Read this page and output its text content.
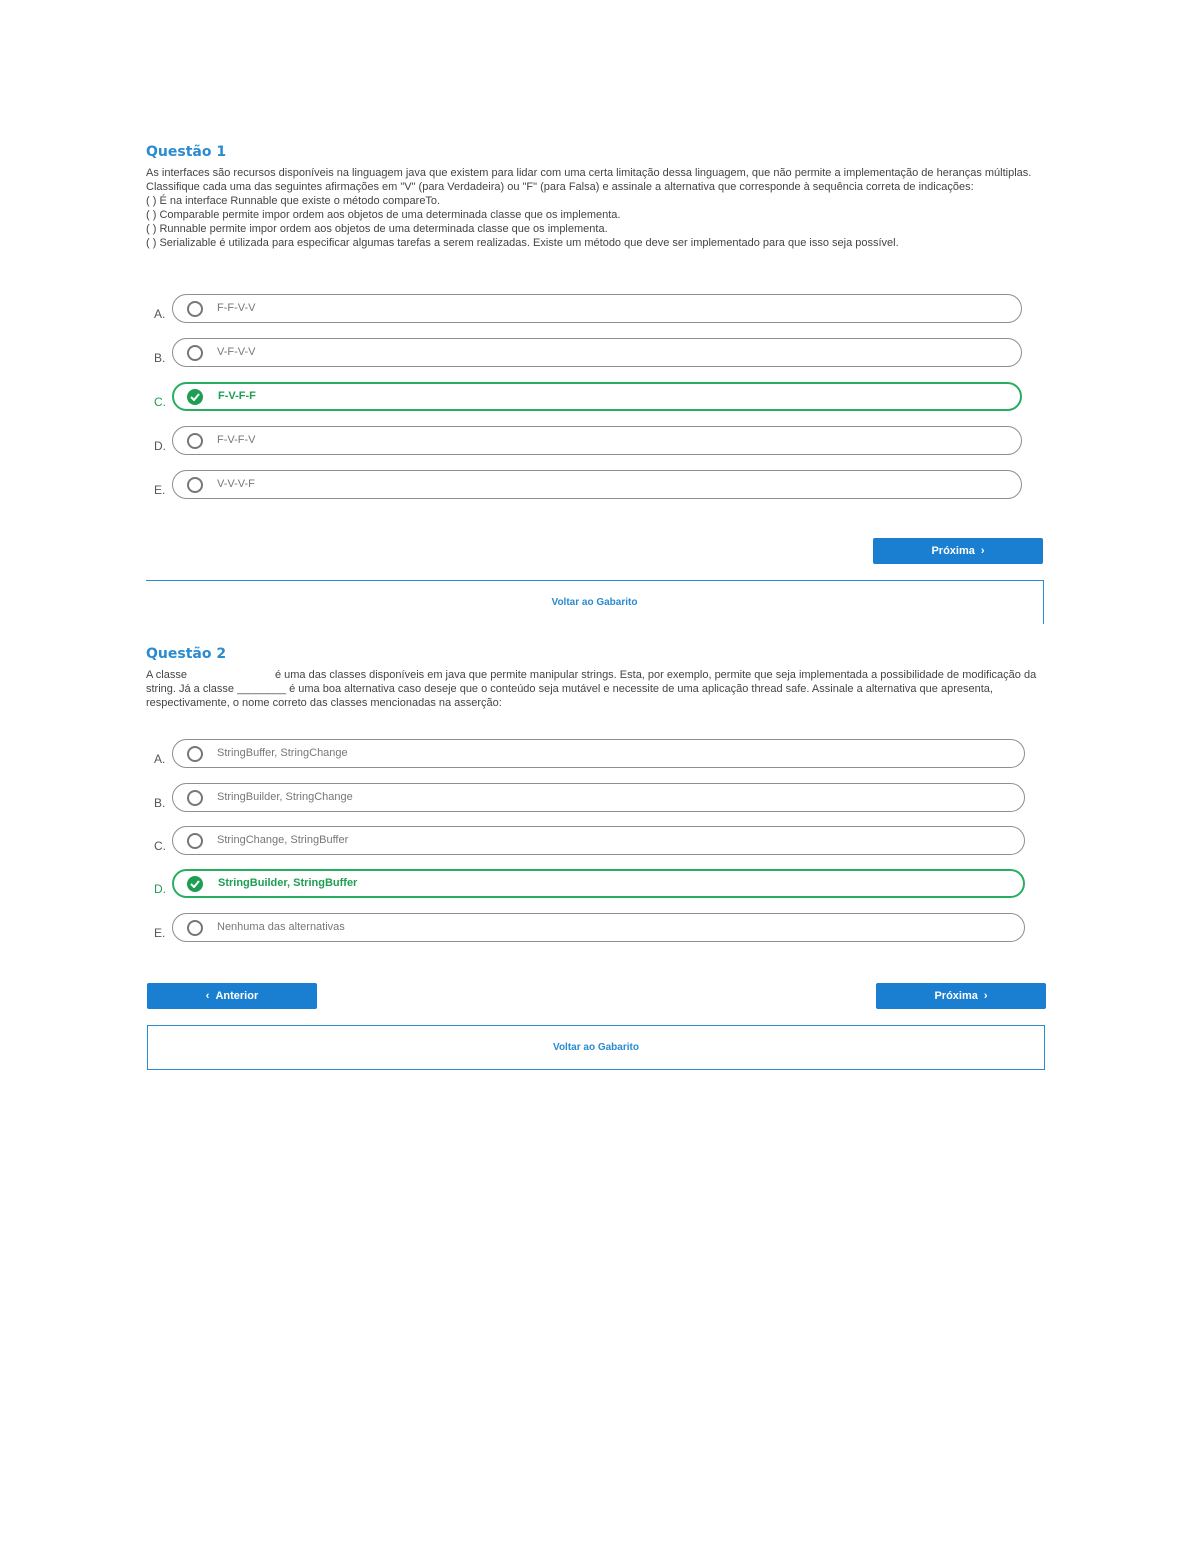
Questão 1

As interfaces são recursos disponíveis na linguagem java que existem para lidar com uma certa limitação dessa linguagem, que não permite a implementação de heranças múltiplas.

Classifique cada uma das seguintes afirmações em "V" (para Verdadeira) ou "F" (para Falsa) e assinale a alternativa que corresponde à sequência correta de indicações:

( ) É na interface Runnable que existe o método compareTo.

( ) Comparable permite impor ordem aos objetos de uma determinada classe que os implementa.

( ) Runnable permite impor ordem aos objetos de uma determinada classe que os implementa.

( ) Serializable é utilizada para especificar algumas tarefas a serem realizadas. Existe um método que deve ser implementado para que isso seja possível.

A.	F-F-V-V
B.	V-F-V-V
C.	F-V-F-F
D.	F-V-F-V
E.	V-V-V-F
Próxima ›
Voltar ao Gabarito
Questão 2
A classe	é uma das classes disponíveis em java que permite manipular strings. Esta, por exemplo, permite que seja implementada a possibilidade de modificação da string. Já a classe ________ é uma boa alternativa caso deseje que o conteúdo seja mutável e necessite de uma aplicação thread safe. Assinale a alternativa que apresenta, respectivamente, o nome correto das classes mencionadas na asserção:
A.	StringBuffer, StringChange
B.	StringBuilder, StringChange
C.	StringChange, StringBuffer
D.	StringBuilder, StringBuffer
E.	Nenhuma das alternativas
‹ Anterior	Próxima ›
Voltar ao Gabarito
